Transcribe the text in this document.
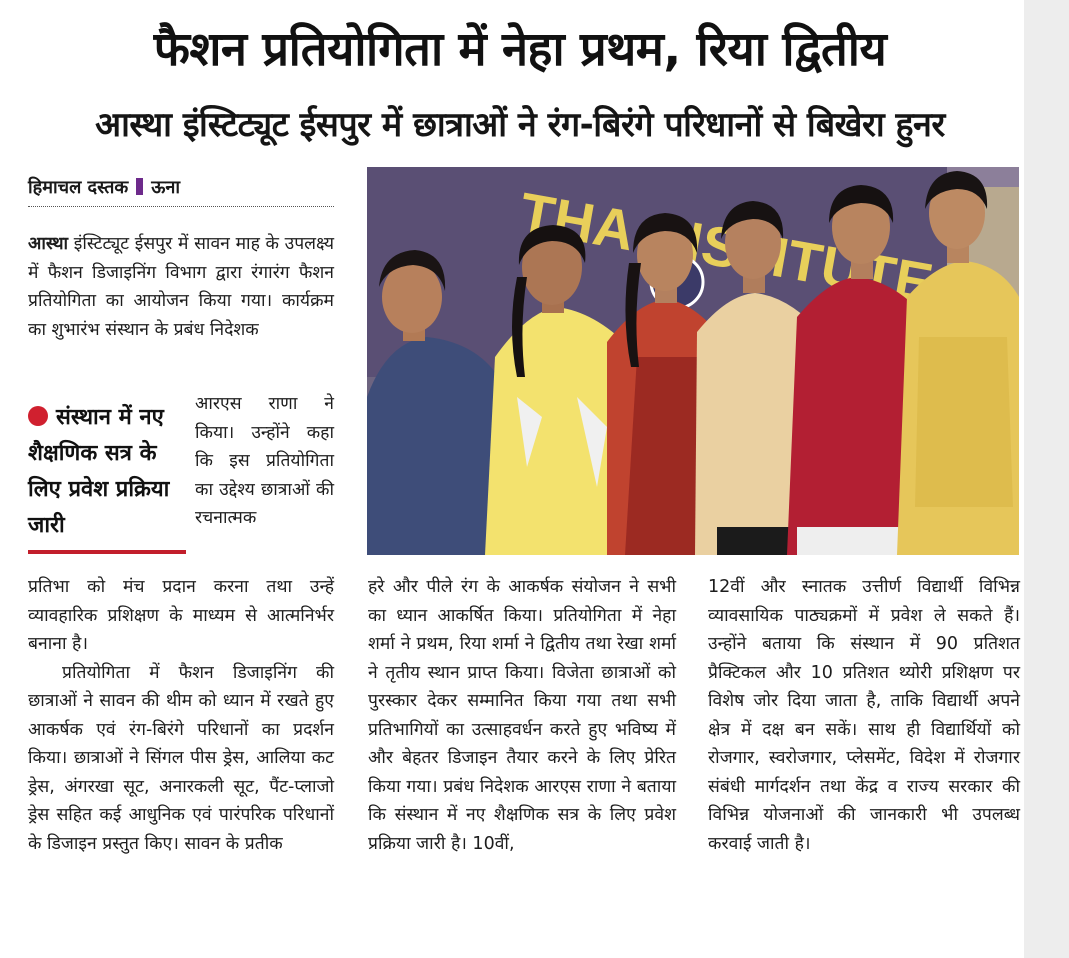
फैशन प्रतियोगिता में नेहा प्रथम, रिया द्वितीय
आस्था इंस्टिट्यूट ईसपुर में छात्राओं ने रंग-बिरंगे परिधानों से बिखेरा हुनर
हिमाचल दस्तक ऊना

आस्था इंस्टिट्यूट ईसपुर में सावन माह के उपलक्ष्य में फैशन डिजाइनिंग विभाग द्वारा रंगारंग फैशन प्रतियोगिता का आयोजन किया गया। कार्यक्रम का शुभारंभ संस्थान के प्रबंध निदेशक

संस्थान में नए शैक्षणिक सत्र के लिए प्रवेश प्रक्रिया जारी

आरएस राणा ने किया। उन्होंने कहा कि इस प्रतियोगिता का उद्देश्य छात्राओं की रचनात्मक

प्रतिभा को मंच प्रदान करना तथा उन्हें व्यावहारिक प्रशिक्षण के माध्यम से आत्मनिर्भर बनाना है।

प्रतियोगिता में फैशन डिजाइनिंग की छात्राओं ने सावन की थीम को ध्यान में रखते हुए आकर्षक एवं रंग-बिरंगे परिधानों का प्रदर्शन किया। छात्राओं ने सिंगल पीस ड्रेस, आलिया कट ड्रेस, अंगरखा सूट, अनारकली सूट, पैंट-प्लाजो ड्रेस सहित कई आधुनिक एवं पारंपरिक परिधानों के डिजाइन प्रस्तुत किए। सावन के प्रतीक

हरे और पीले रंग के आकर्षक संयोजन ने सभी का ध्यान आकर्षित किया। प्रतियोगिता में नेहा शर्मा ने प्रथम, रिया शर्मा ने द्वितीय तथा रेखा शर्मा ने तृतीय स्थान प्राप्त किया। विजेता छात्राओं को पुरस्कार देकर सम्मानित किया गया तथा सभी प्रतिभागियों का उत्साहवर्धन करते हुए भविष्य में और बेहतर डिजाइन तैयार करने के लिए प्रेरित किया गया। प्रबंध निदेशक आरएस राणा ने बताया कि संस्थान में नए शैक्षणिक सत्र के लिए प्रवेश प्रक्रिया जारी है। 10वीं,

12वीं और स्नातक उत्तीर्ण विद्यार्थी विभिन्न व्यावसायिक पाठ्यक्रमों में प्रवेश ले सकते हैं। उन्होंने बताया कि संस्थान में 90 प्रतिशत प्रैक्टिकल और 10 प्रतिशत थ्योरी प्रशिक्षण पर विशेष जोर दिया जाता है, ताकि विद्यार्थी अपने क्षेत्र में दक्ष बन सकें। साथ ही विद्यार्थियों को रोजगार, स्वरोजगार, प्लेसमेंट, विदेश में रोजगार संबंधी मार्गदर्शन तथा केंद्र व राज्य सरकार की विभिन्न योजनाओं की जानकारी भी उपलब्ध करवाई जाती है।

THA INSTITUTE
